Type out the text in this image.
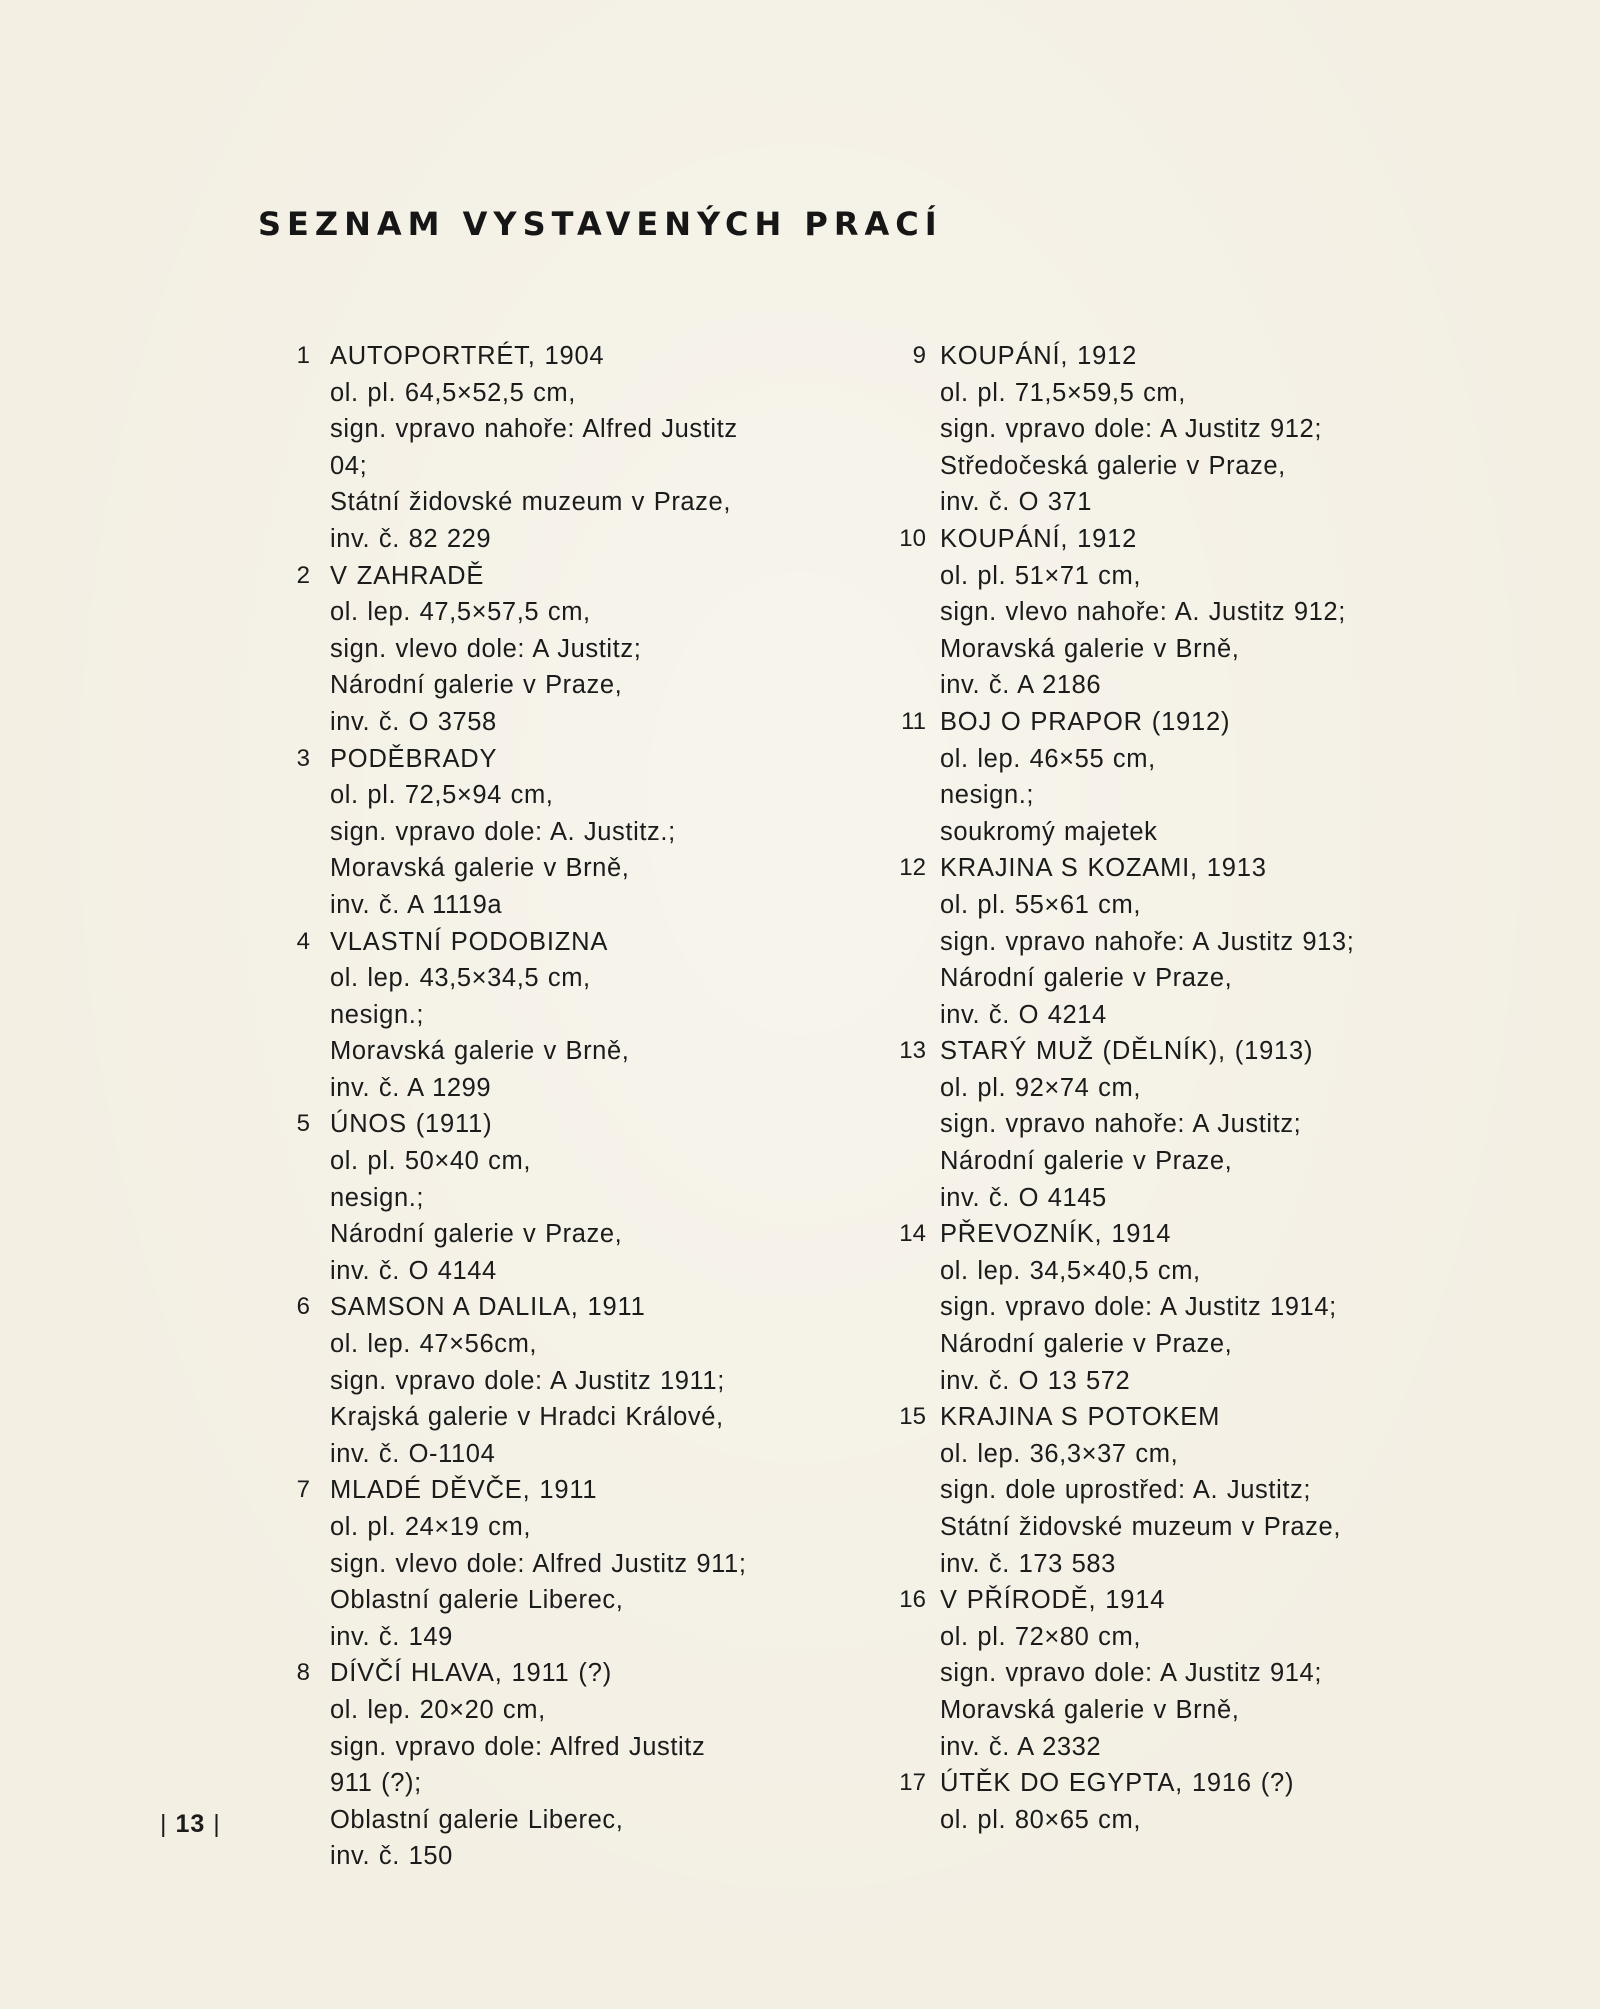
SEZNAM VYSTAVENÝCH PRACÍ
1 AUTOPORTRÉT, 1904
ol. pl. 64,5×52,5 cm,
sign. vpravo nahoře: Alfred Justitz
04;
Státní židovské muzeum v Praze,
inv. č. 82 229
2 V ZAHRADĚ
ol. lep. 47,5×57,5 cm,
sign. vlevo dole: A Justitz;
Národní galerie v Praze,
inv. č. O 3758
3 PODĚBRADY
ol. pl. 72,5×94 cm,
sign. vpravo dole: A. Justitz.;
Moravská galerie v Brně,
inv. č. A 1119a
4 VLASTNÍ PODOBIZNA
ol. lep. 43,5×34,5 cm,
nesign.;
Moravská galerie v Brně,
inv. č. A 1299
5 ÚNOS (1911)
ol. pl. 50×40 cm,
nesign.;
Národní galerie v Praze,
inv. č. O 4144
6 SAMSON A DALILA, 1911
ol. lep. 47×56cm,
sign. vpravo dole: A Justitz 1911;
Krajská galerie v Hradci Králové,
inv. č. O-1104
7 MLADÉ DĚVČE, 1911
ol. pl. 24×19 cm,
sign. vlevo dole: Alfred Justitz 911;
Oblastní galerie Liberec,
inv. č. 149
8 DÍVČÍ HLAVA, 1911 (?)
ol. lep. 20×20 cm,
sign. vpravo dole: Alfred Justitz
911 (?);
Oblastní galerie Liberec,
inv. č. 150
9 KOUPÁNÍ, 1912
ol. pl. 71,5×59,5 cm,
sign. vpravo dole: A Justitz 912;
Středočeská galerie v Praze,
inv. č. O 371
10 KOUPÁNÍ, 1912
ol. pl. 51×71 cm,
sign. vlevo nahoře: A. Justitz 912;
Moravská galerie v Brně,
inv. č. A 2186
11 BOJ O PRAPOR (1912)
ol. lep. 46×55 cm,
nesign.;
soukromý majetek
12 KRAJINA S KOZAMI, 1913
ol. pl. 55×61 cm,
sign. vpravo nahoře: A Justitz 913;
Národní galerie v Praze,
inv. č. O 4214
13 STARÝ MUŽ (DĚLNÍK), (1913)
ol. pl. 92×74 cm,
sign. vpravo nahoře: A Justitz;
Národní galerie v Praze,
inv. č. O 4145
14 PŘEVOZNÍK, 1914
ol. lep. 34,5×40,5 cm,
sign. vpravo dole: A Justitz 1914;
Národní galerie v Praze,
inv. č. O 13 572
15 KRAJINA S POTOKEM
ol. lep. 36,3×37 cm,
sign. dole uprostřed: A. Justitz;
Státní židovské muzeum v Praze,
inv. č. 173 583
16 V PŘÍRODĚ, 1914
ol. pl. 72×80 cm,
sign. vpravo dole: A Justitz 914;
Moravská galerie v Brně,
inv. č. A 2332
17 ÚTĚK DO EGYPTA, 1916 (?)
ol. pl. 80×65 cm,
| 13 |
